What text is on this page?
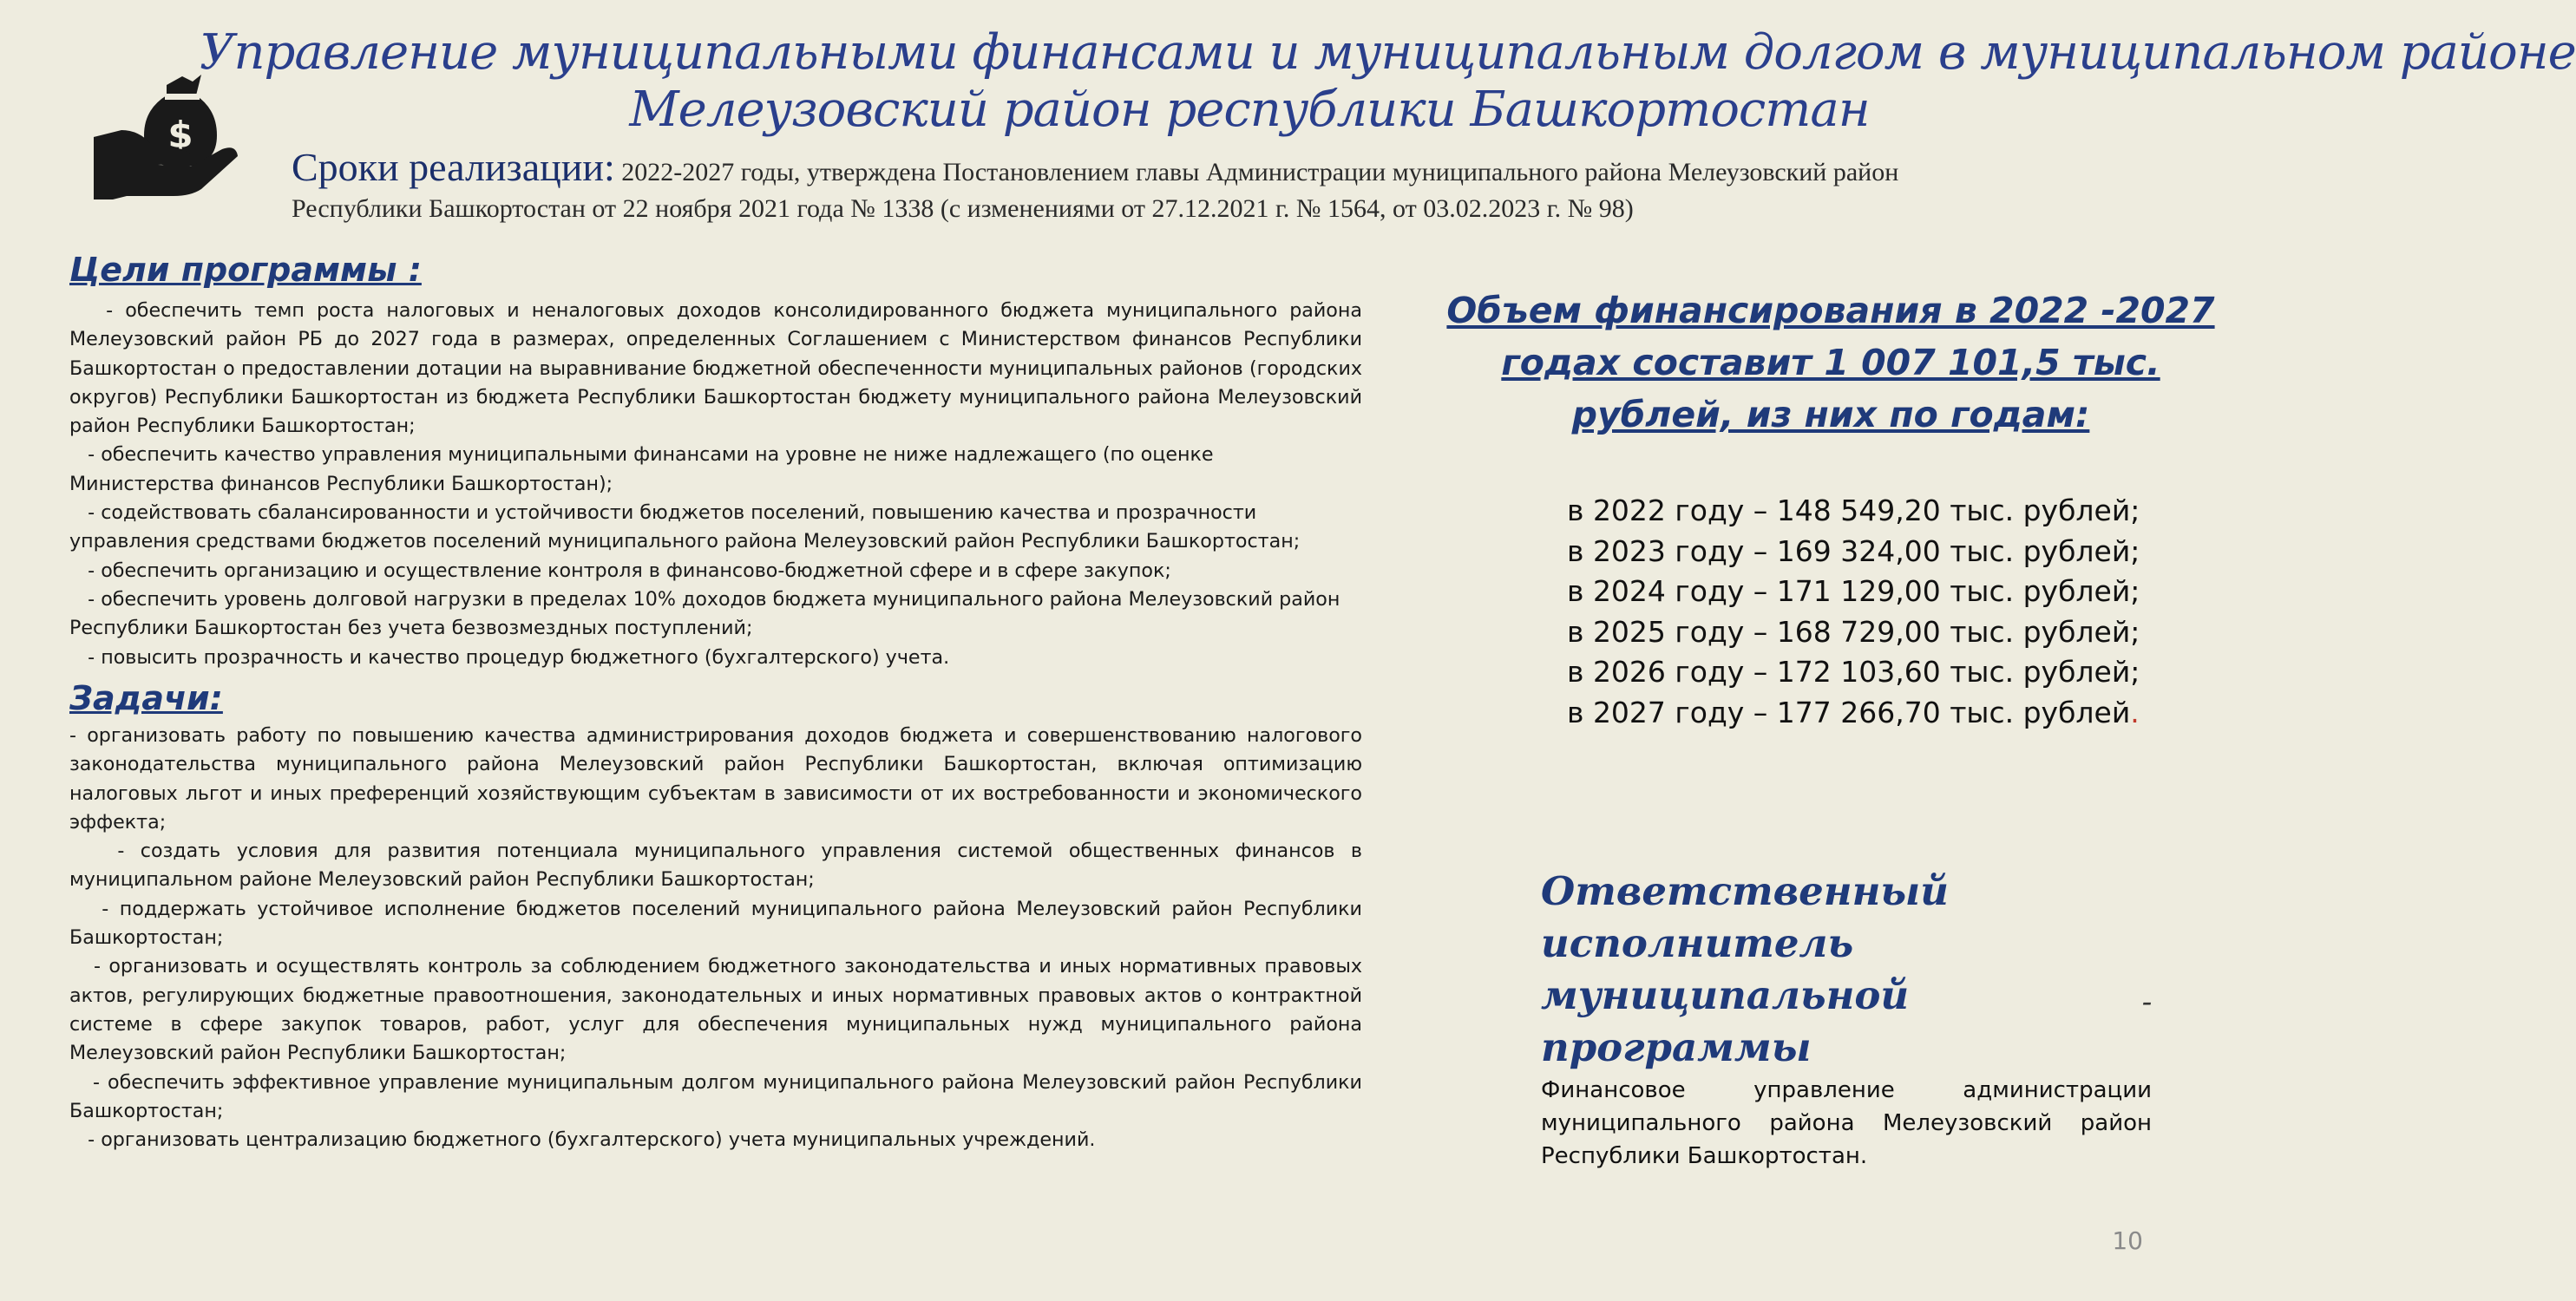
$
Управление муниципальными финансами и муниципальным долгом в муниципальном районе
Мелеузовский район республики Башкортостан
Сроки реализации: 2022-2027 годы, утверждена Постановлением главы Администрации муниципального района Мелеузовский район
Республики Башкортостан от 22 ноября 2021 года № 1338 (с изменениями от 27.12.2021 г. № 1564, от 03.02.2023 г. № 98)
Цели программы :

- обеспечить темп роста налоговых и неналоговых доходов консолидированного бюджета муниципального района Мелеузовский район РБ до 2027 года в размерах, определенных Соглашением с Министерством финансов Республики Башкортостан о предоставлении дотации на выравнивание бюджетной обеспеченности муниципальных районов (городских округов) Республики Башкортостан из бюджета Республики Башкортостан бюджету муниципального района Мелеузовский район Республики Башкортостан;

- обеспечить качество управления муниципальными финансами на уровне не ниже надлежащего (по оценке Министерства финансов Республики Башкортостан);

- содействовать сбалансированности и устойчивости бюджетов поселений, повышению качества и прозрачности управления средствами бюджетов поселений муниципального района Мелеузовский район Республики Башкортостан;

- обеспечить организацию и осуществление контроля в финансово-бюджетной сфере и в сфере закупок;

- обеспечить уровень долговой нагрузки в пределах 10% доходов бюджета муниципального района Мелеузовский район Республики Башкортостан без учета безвозмездных поступлений;

- повысить прозрачность и качество процедур бюджетного (бухгалтерского) учета.

Задачи:

- организовать работу по повышению качества администрирования доходов бюджета и совершенствованию налогового законодательства муниципального района Мелеузовский район Республики Башкортостан, включая оптимизацию налоговых льгот и иных преференций хозяйствующим субъектам в зависимости от их востребованности и экономического эффекта;

- создать условия для развития потенциала муниципального управления системой общественных финансов в муниципальном районе Мелеузовский район Республики Башкортостан;

- поддержать устойчивое исполнение бюджетов поселений муниципального района Мелеузовский район Республики Башкортостан;

- организовать и осуществлять контроль за соблюдением бюджетного законодательства и иных нормативных правовых актов, регулирующих бюджетные правоотношения, законодательных и иных нормативных правовых актов о контрактной системе в сфере закупок товаров, работ, услуг для обеспечения муниципальных нужд муниципального района Мелеузовский район Республики Башкортостан;

- обеспечить эффективное управление муниципальным долгом муниципального района Мелеузовский район Республики Башкортостан;

- организовать централизацию бюджетного (бухгалтерского) учета муниципальных учреждений.

Объем финансирования в 2022 -2027
годах составит 1 007 101,5 тыс.
рублей, из них по годам:
в 2022 году – 148 549,20 тыс. рублей;
в 2023 году – 169 324,00 тыс. рублей;
в 2024 году – 171 129,00 тыс. рублей;
в 2025 году – 168 729,00 тыс. рублей;
в 2026 году – 172 103,60 тыс. рублей;
в 2027 году – 177 266,70 тыс. рублей.
Ответственный исполнитель
муниципальной программы
–
Финансовое управление администрации
муниципального района Мелеузовский район
Республики Башкортостан.
10
